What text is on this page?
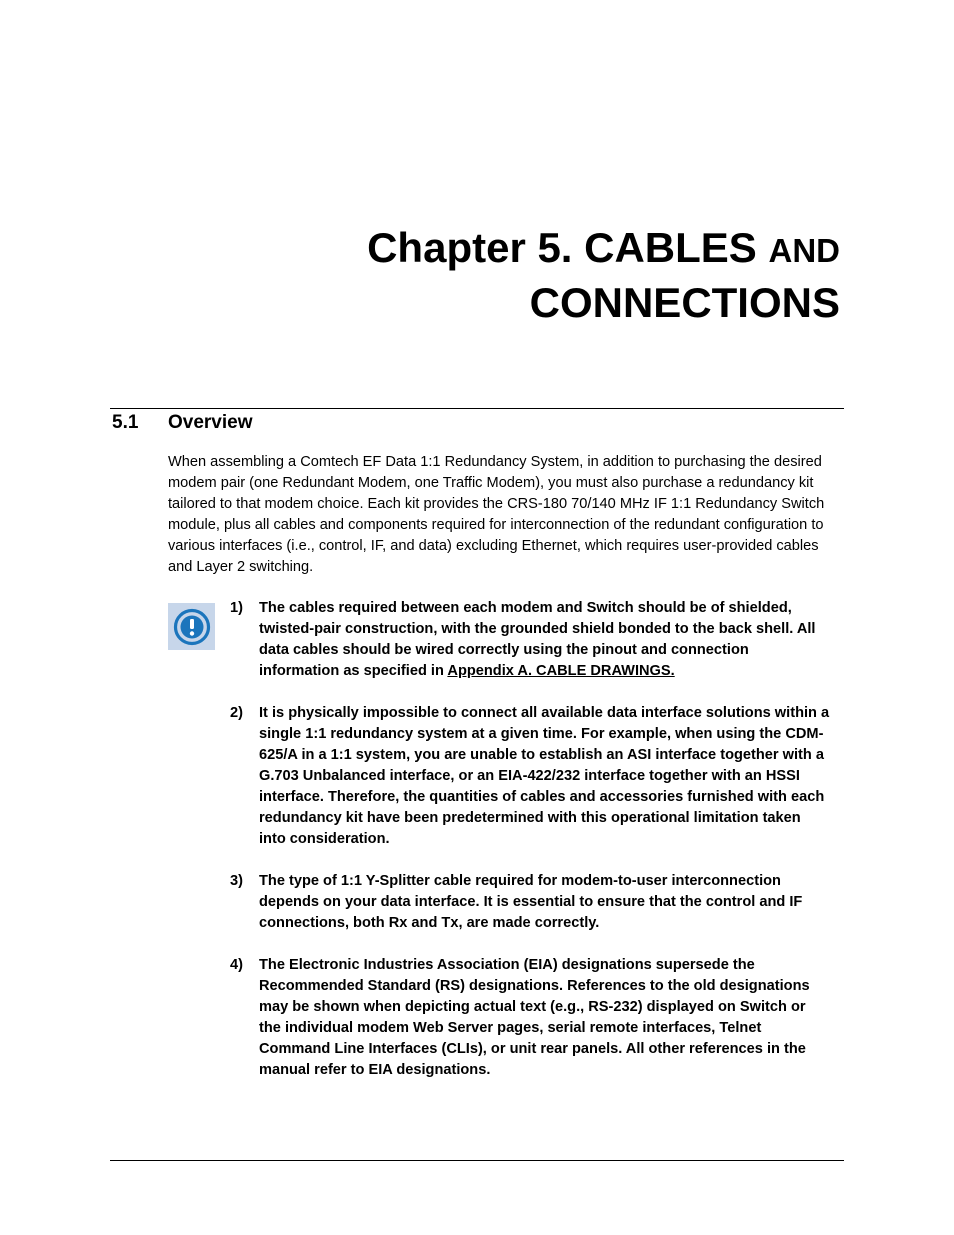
Chapter 5. CABLES AND
CONNECTIONS
5.1 Overview

When assembling a Comtech EF Data 1:1 Redundancy System, in addition to purchasing the desired modem pair (one Redundant Modem, one Traffic Modem), you must also purchase a redundancy kit tailored to that modem choice. Each kit provides the CRS-180 70/140 MHz IF 1:1 Redundancy Switch module, plus all cables and components required for interconnection of the redundant configuration to various interfaces (i.e., control, IF, and data) excluding Ethernet, which requires user-provided cables and Layer 2 switching.

1) The cables required between each modem and Switch should be of shielded, twisted-pair construction, with the grounded shield bonded to the back shell. All data cables should be wired correctly using the pinout and connection information as specified in Appendix A. CABLE DRAWINGS.
2) It is physically impossible to connect all available data interface solutions within a single 1:1 redundancy system at a given time. For example, when using the CDM-625/A in a 1:1 system, you are unable to establish an ASI interface together with a G.703 Unbalanced interface, or an EIA-422/232 interface together with an HSSI interface. Therefore, the quantities of cables and accessories furnished with each redundancy kit have been predetermined with this operational limitation taken into consideration.
3) The type of 1:1 Y-Splitter cable required for modem-to-user interconnection depends on your data interface. It is essential to ensure that the control and IF connections, both Rx and Tx, are made correctly.
4) The Electronic Industries Association (EIA) designations supersede the Recommended Standard (RS) designations. References to the old designations may be shown when depicting actual text (e.g., RS-232) displayed on Switch or the individual modem Web Server pages, serial remote interfaces, Telnet Command Line Interfaces (CLIs), or unit rear panels. All other references in the manual refer to EIA designations.
